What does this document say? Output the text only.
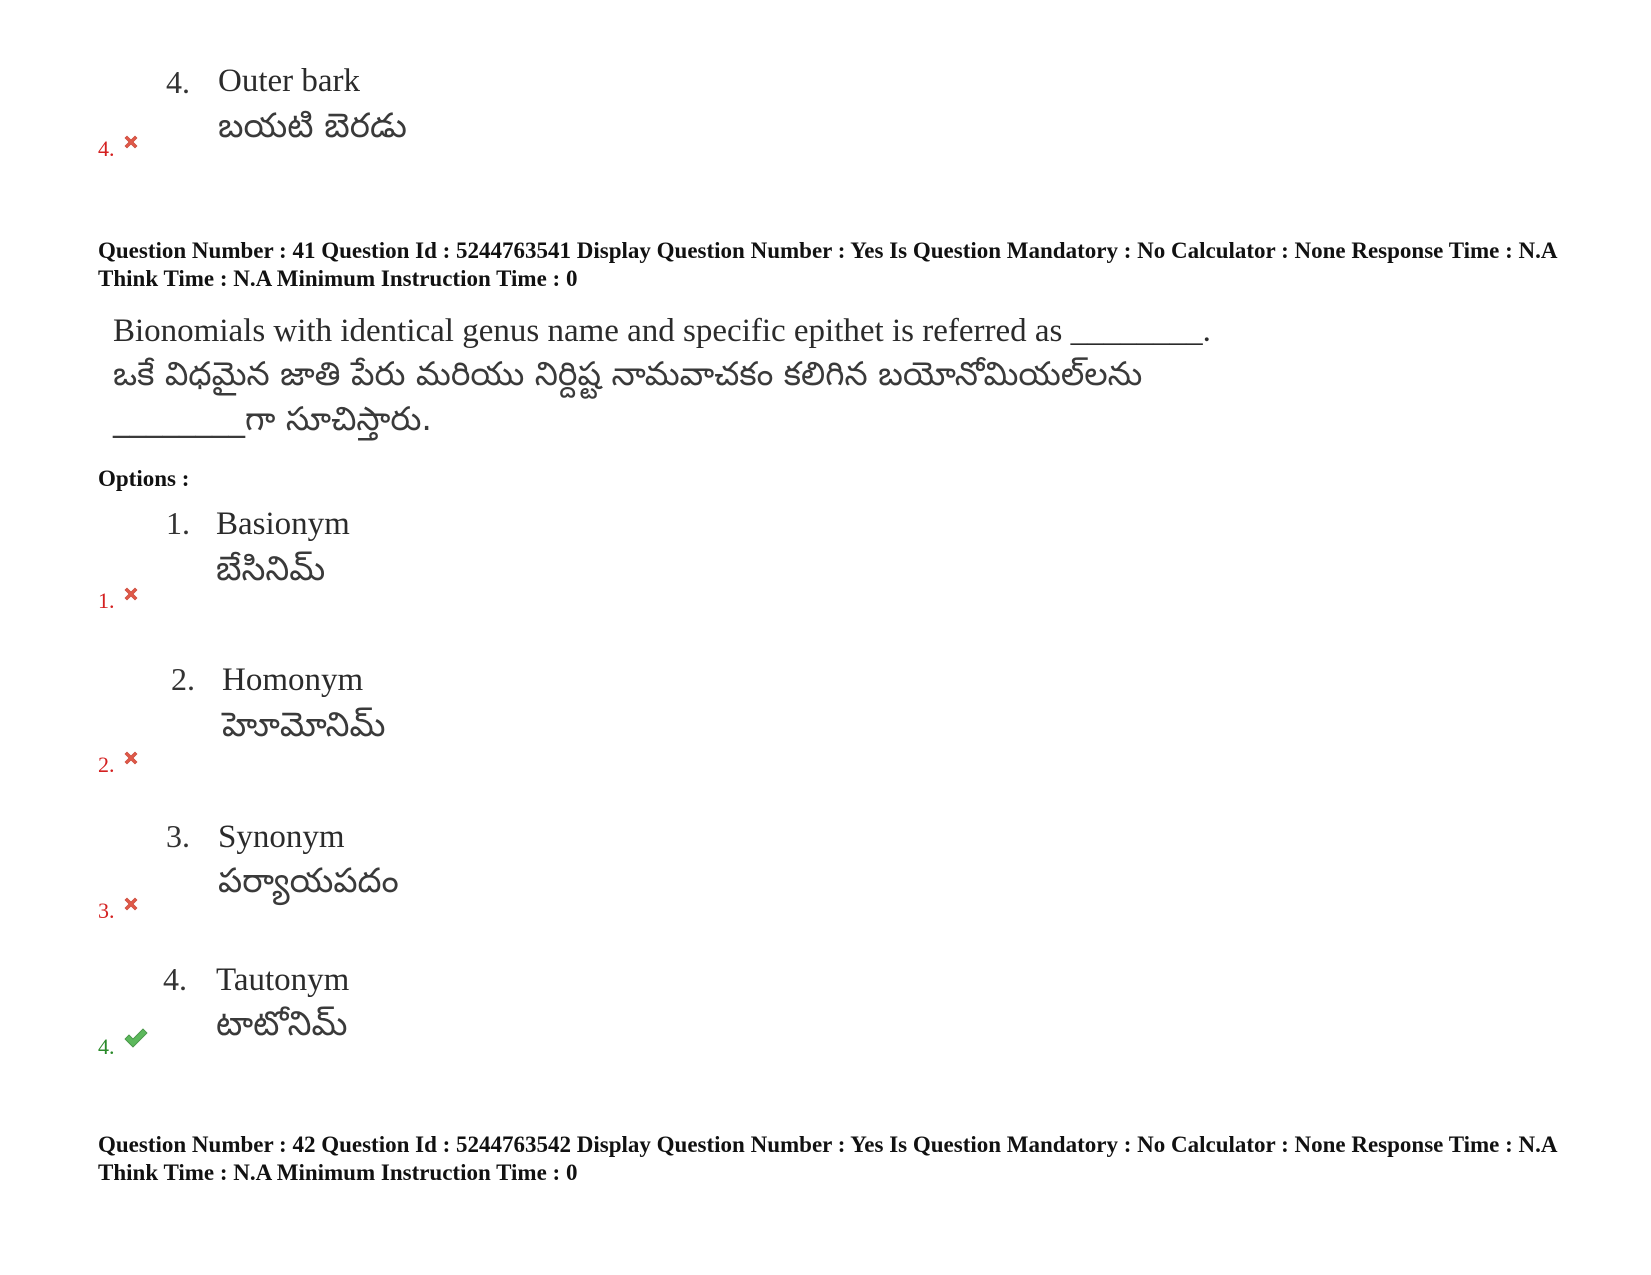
4. Outer bark
బయటి బెరడు
4.
Question Number : 41 Question Id : 5244763541 Display Question Number : Yes Is Question Mandatory : No Calculator : None Response Time : N.A Think Time : N.A Minimum Instruction Time : 0
Bionomials with identical genus name and specific epithet is referred as ________.
ఒకే విధమైన జాతి పేరు మరియు నిర్దిష్ట నామవాచకం కలిగిన బయోనోమియల్‌లను
________గా సూచిస్తారు.
Options :
1. Basionym
బేసినిమ్
1.
2. Homonym
హెూమోనిమ్
2.
3. Synonym
పర్యాయపదం
3.
4. Tautonym
టాటోనిమ్
4.
Question Number : 42 Question Id : 5244763542 Display Question Number : Yes Is Question Mandatory : No Calculator : None Response Time : N.A Think Time : N.A Minimum Instruction Time : 0
